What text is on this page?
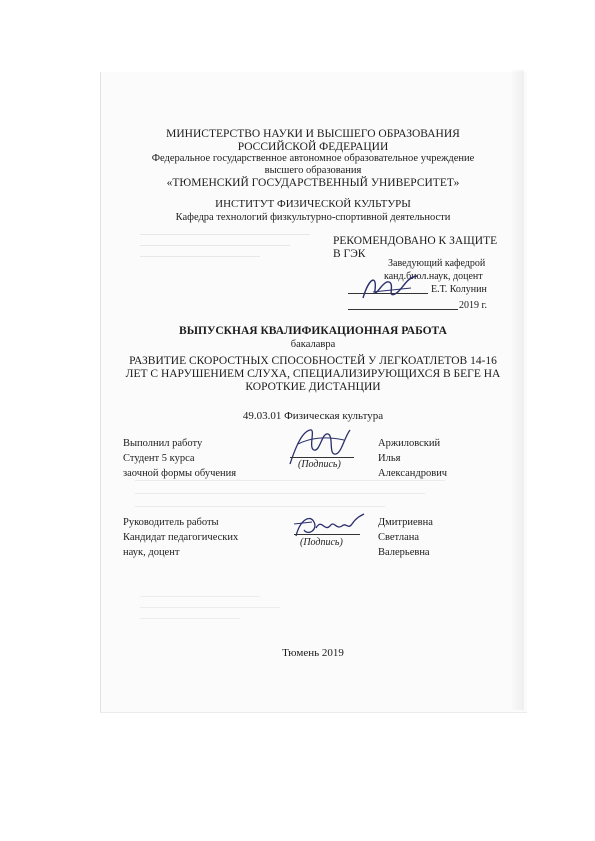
МИНИСТЕРСТВО НАУКИ И ВЫСШЕГО ОБРАЗОВАНИЯ
РОССИЙСКОЙ ФЕДЕРАЦИИ
Федеральное государственное автономное образовательное учреждение
высшего образования
«ТЮМЕНСКИЙ ГОСУДАРСТВЕННЫЙ УНИВЕРСИТЕТ»
ИНСТИТУТ ФИЗИЧЕСКОЙ КУЛЬТУРЫ
Кафедра технологий физкультурно-спортивной деятельности
РЕКОМЕНДОВАНО К ЗАЩИТЕ
В ГЭК
Заведующий кафедрой
канд.биол.наук, доцент
Е.Т. Колунин
2019 г.
ВЫПУСКНАЯ КВАЛИФИКАЦИОННАЯ РАБОТА
бакалавра
РАЗВИТИЕ СКОРОСТНЫХ СПОСОБНОСТЕЙ У ЛЕГКОАТЛЕТОВ 14-16
ЛЕТ С НАРУШЕНИЕМ СЛУХА, СПЕЦИАЛИЗИРУЮЩИХСЯ В БЕГЕ НА
КОРОТКИЕ ДИСТАНЦИИ
49.03.01 Физическая культура
Выполнил работу
Студент 5 курса
заочной формы обучения
(Подпись)
Аржиловский
Илья
Александрович
Руководитель работы
Кандидат педагогических
наук, доцент
(Подпись)
Дмитриевна
Светлана
Валерьевна
Тюмень 2019
